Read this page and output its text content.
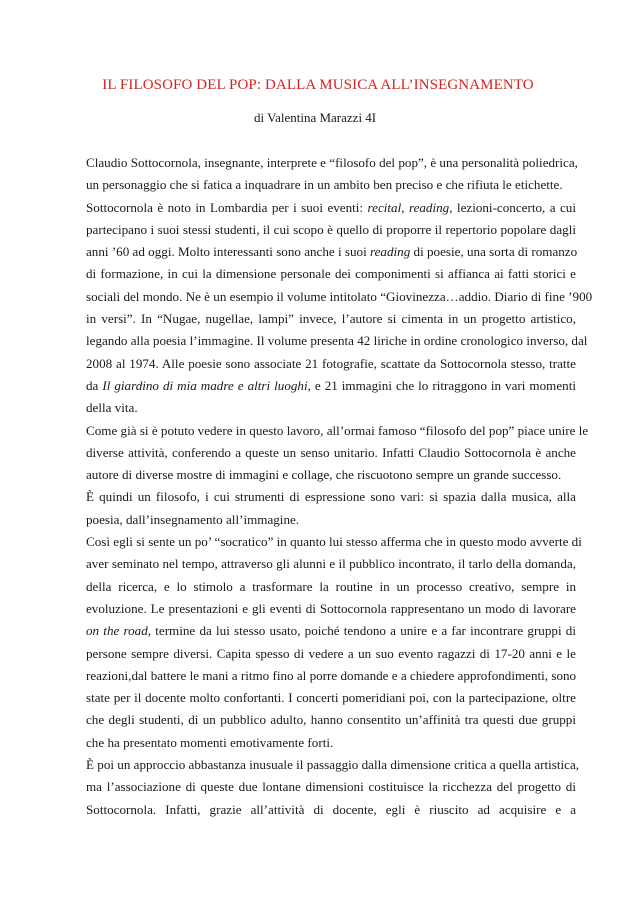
IL FILOSOFO DEL POP: DALLA MUSICA ALL’INSEGNAMENTO
di Valentina Marazzi 4I
Claudio Sottocornola, insegnante, interprete e “filosofo del pop”, è una personalità poliedrica,
un personaggio che si fatica a inquadrare in un ambito ben preciso e che rifiuta le etichette.
Sottocornola è noto in Lombardia per i suoi eventi: recital, reading, lezioni-concerto, a cui
partecipano i suoi stessi studenti, il cui scopo è quello di proporre il repertorio popolare dagli
anni ’60 ad oggi. Molto interessanti sono anche i suoi reading di poesie, una sorta di romanzo
di formazione, in cui la dimensione personale dei componimenti si affianca ai fatti storici e
sociali del mondo. Ne è un esempio il volume intitolato “Giovinezza…addio. Diario di fine ’900
in versi”. In “Nugae, nugellae, lampi” invece, l’autore si cimenta in un progetto artistico,
legando alla poesia l’immagine. Il volume presenta 42 liriche in ordine cronologico inverso, dal
2008 al 1974. Alle poesie sono associate 21 fotografie, scattate da Sottocornola stesso, tratte
da Il giardino di mia madre e altri luoghi, e 21 immagini che lo ritraggono in vari momenti
della vita.
Come già si è potuto vedere in questo lavoro, all’ormai famoso “filosofo del pop” piace unire le
diverse attività, conferendo a queste un senso unitario. Infatti Claudio Sottocornola è anche
autore di diverse mostre di immagini e collage, che riscuotono sempre un grande successo.
È quindi un filosofo, i cui strumenti di espressione sono vari: si spazia dalla musica, alla
poesia, dall’insegnamento all’immagine.
Così egli si sente un po’ “socratico” in quanto lui stesso afferma che in questo modo avverte di
aver seminato nel tempo, attraverso gli alunni e il pubblico incontrato, il tarlo della domanda,
della ricerca, e lo stimolo a trasformare la routine in un processo creativo, sempre in
evoluzione. Le presentazioni e gli eventi di Sottocornola rappresentano un modo di lavorare
on the road, termine da lui stesso usato, poiché tendono a unire e a far incontrare gruppi di
persone sempre diversi. Capita spesso di vedere a un suo evento ragazzi di 17-20 anni e le
reazioni,dal battere le mani a ritmo fino al porre domande e a chiedere approfondimenti, sono
state per il docente molto confortanti. I concerti pomeridiani poi, con la partecipazione, oltre
che degli studenti, di un pubblico adulto, hanno consentito un’affinità tra questi due gruppi
che ha presentato momenti emotivamente forti.
È poi un approccio abbastanza inusuale il passaggio dalla dimensione critica a quella artistica,
ma l’associazione di queste due lontane dimensioni costituisce la ricchezza del progetto di
Sottocornola. Infatti, grazie all’attività di docente, egli è riuscito ad acquisire e a
